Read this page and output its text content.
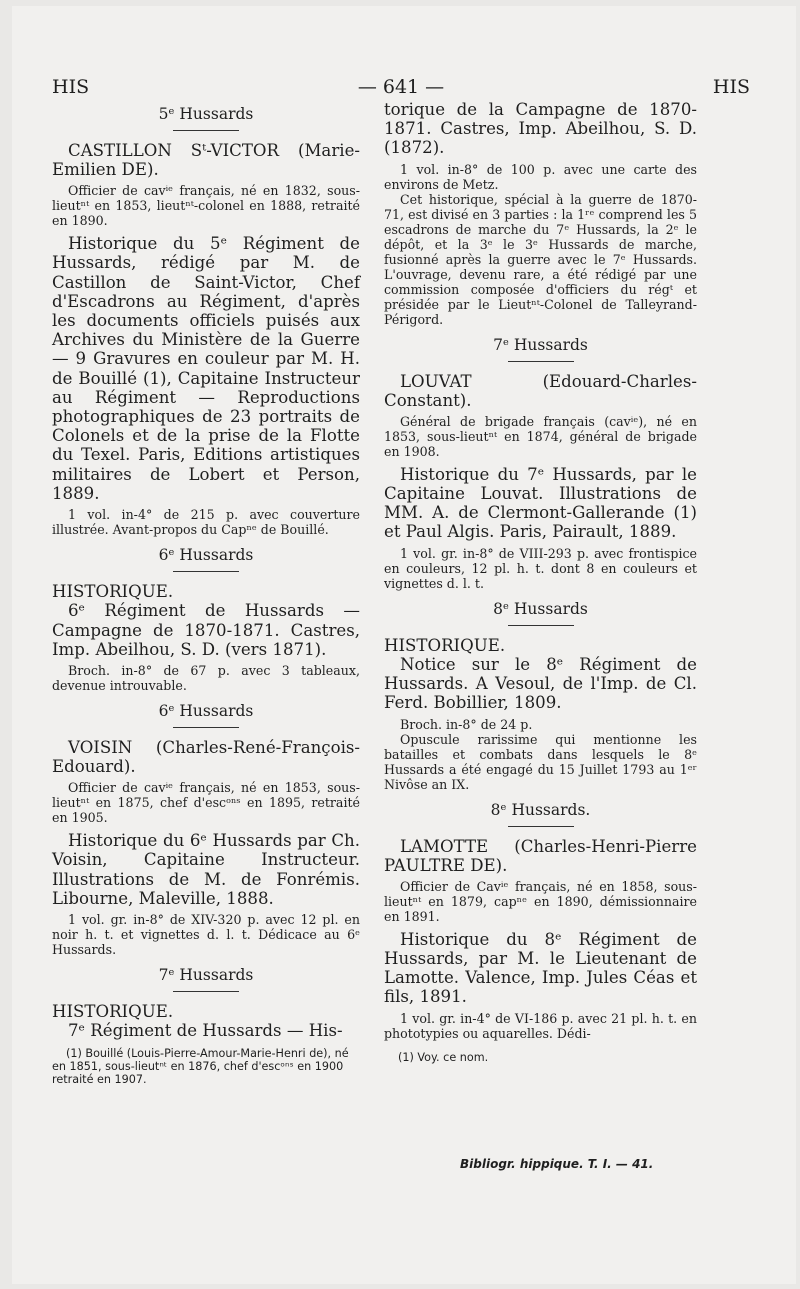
HIS	— 641 —	HIS
5ᵉ Hussards

CASTILLON Sᵗ-VICTOR (Marie-Emilien DE).

Officier de cavⁱᵉ français, né en 1832, sous-lieutⁿᵗ en 1853, lieutⁿᵗ-colonel en 1888, retraité en 1890.

Historique du 5ᵉ Régiment de Hussards, rédigé par M. de Castillon de Saint-Victor, Chef d'Escadrons au Régiment, d'après les documents officiels puisés aux Archives du Ministère de la Guerre — 9 Gravures en couleur par M. H. de Bouillé (1), Capitaine Instructeur au Régiment — Reproductions photographiques de 23 portraits de Colonels et de la prise de la Flotte du Texel. Paris, Editions artistiques militaires de Lobert et Person, 1889.

1 vol. in-4° de 215 p. avec couverture illustrée. Avant-propos du Capⁿᵉ de Bouillé.

6ᵉ Hussards

HISTORIQUE.

6ᵉ Régiment de Hussards — Campagne de 1870-1871. Castres, Imp. Abeilhou, S. D. (vers 1871).

Broch. in-8° de 67 p. avec 3 tableaux, devenue introuvable.

6ᵉ Hussards

VOISIN (Charles-René-François-Edouard).

Officier de cavⁱᵉ français, né en 1853, sous-lieutⁿᵗ en 1875, chef d'escᵒⁿˢ en 1895, retraité en 1905.

Historique du 6ᵉ Hussards par Ch. Voisin, Capitaine Instructeur. Illustrations de M. de Fonrémis. Libourne, Maleville, 1888.

1 vol. gr. in-8° de XIV-320 p. avec 12 pl. en noir h. t. et vignettes d. l. t. Dédicace au 6ᵉ Hussards.

7ᵉ Hussards

HISTORIQUE.

7ᵉ Régiment de Hussards — His-

(1) Bouillé (Louis-Pierre-Amour-Marie-Henri de), né en 1851, sous-lieutⁿᵗ en 1876, chef d'escᵒⁿˢ en 1900 retraité en 1907.

torique de la Campagne de 1870-1871. Castres, Imp. Abeilhou, S. D. (1872).

1 vol. in-8° de 100 p. avec une carte des environs de Metz.

Cet historique, spécial à la guerre de 1870-71, est divisé en 3 parties : la 1ʳᵉ comprend les 5 escadrons de marche du 7ᵉ Hussards, la 2ᵉ le dépôt, et la 3ᵉ le 3ᵉ Hussards de marche, fusionné après la guerre avec le 7ᵉ Hussards. L'ouvrage, devenu rare, a été rédigé par une commission composée d'officiers du régᵗ et présidée par le Lieutⁿᵗ-Colonel de Talleyrand-Périgord.

7ᵉ Hussards

LOUVAT (Edouard-Charles-Constant).

Général de brigade français (cavⁱᵉ), né en 1853, sous-lieutⁿᵗ en 1874, général de brigade en 1908.

Historique du 7ᵉ Hussards, par le Capitaine Louvat. Illustrations de MM. A. de Clermont-Gallerande (1) et Paul Algis. Paris, Pairault, 1889.

1 vol. gr. in-8° de VIII-293 p. avec frontispice en couleurs, 12 pl. h. t. dont 8 en couleurs et vignettes d. l. t.

8ᵉ Hussards

HISTORIQUE.

Notice sur le 8ᵉ Régiment de Hussards. A Vesoul, de l'Imp. de Cl. Ferd. Bobillier, 1809.

Broch. in-8° de 24 p.

Opuscule rarissime qui mentionne les batailles et combats dans lesquels le 8ᵉ Hussards a été engagé du 15 Juillet 1793 au 1ᵉʳ Nivôse an IX.

8ᵉ Hussards.

LAMOTTE (Charles-Henri-Pierre PAULTRE DE).

Officier de Cavⁱᵉ français, né en 1858, sous-lieutⁿᵗ en 1879, capⁿᵉ en 1890, démissionnaire en 1891.

Historique du 8ᵉ Régiment de Hussards, par M. le Lieutenant de Lamotte. Valence, Imp. Jules Céas et fils, 1891.

1 vol. gr. in-4° de VI-186 p. avec 21 pl. h. t. en phototypies ou aquarelles. Dédi-

(1) Voy. ce nom.

Bibliogr. hippique. T. I. — 41.
